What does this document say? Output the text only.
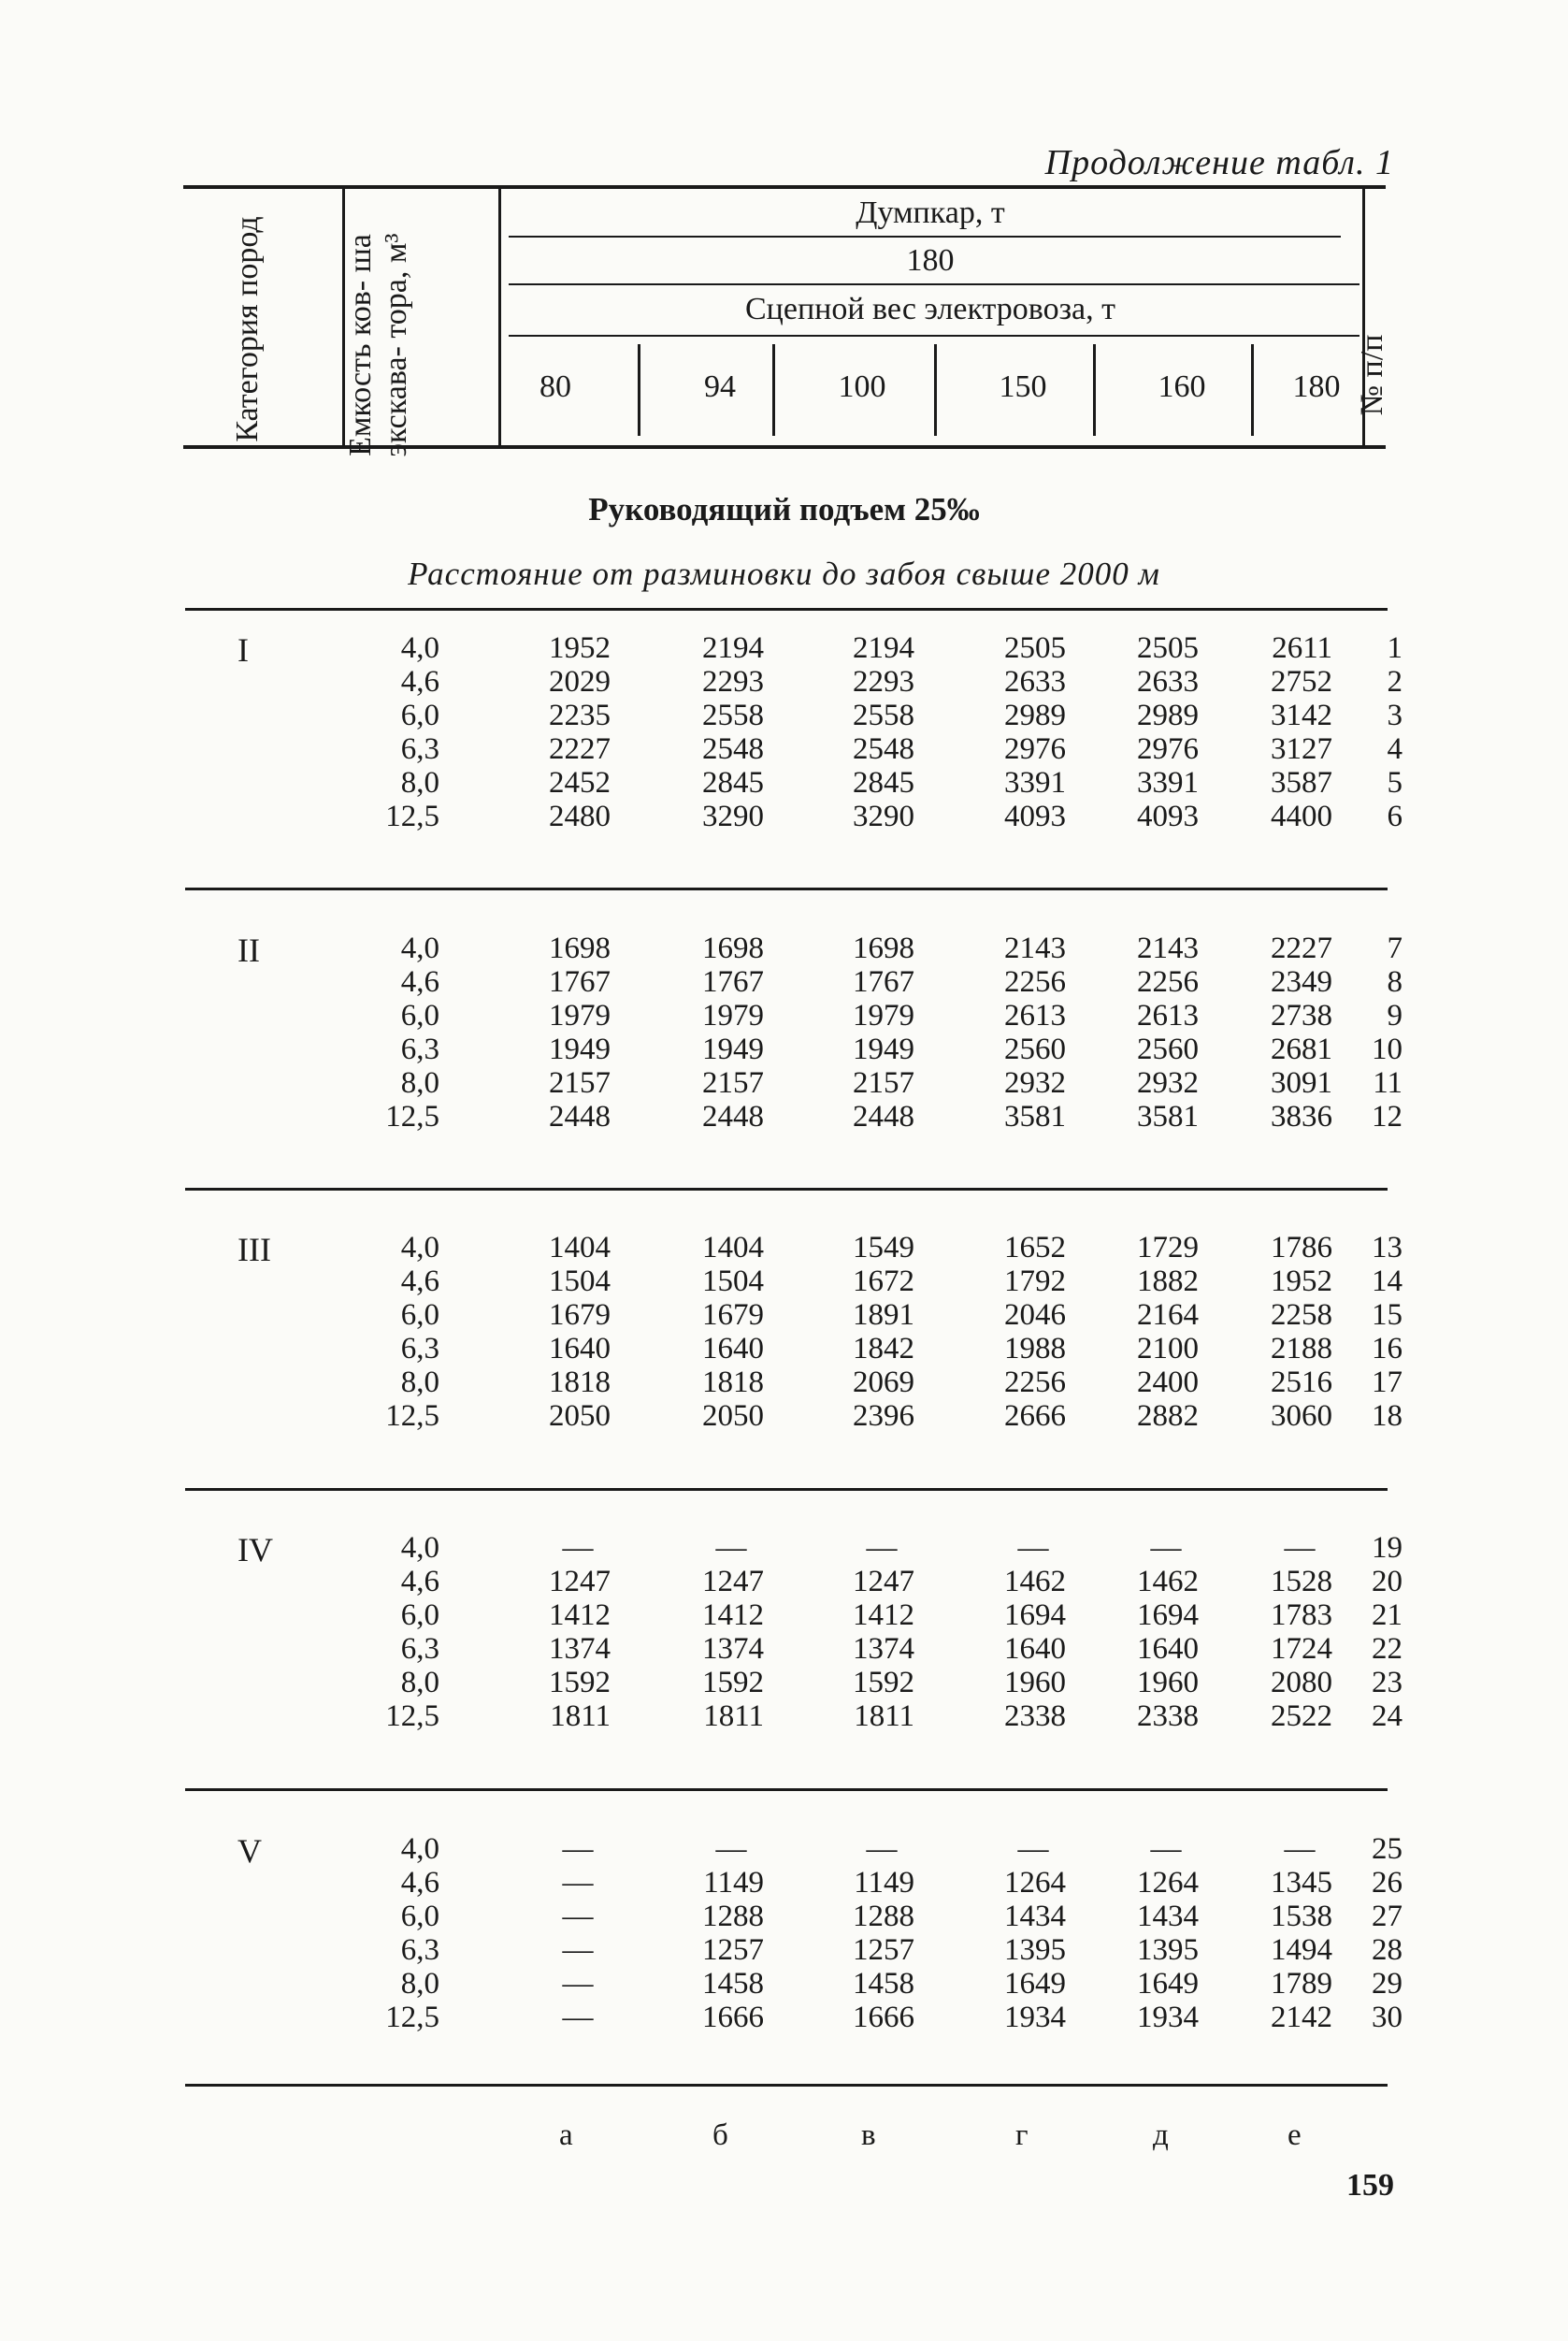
Продолжение табл. 1
Категория пород	Емкость ков- ша экскава- тора, м³
Думпкар, т
180
Сцепной вес электровоза, т
80	94	100	150	160	180 № п/п
Руководящий подъем 25‰
Расстояние от разминовки до забоя свыше 2000 м
I	4,0	1952	2194	2194	2505	2505	2611	1
4,6	2029	2293	2293	2633	2633	2752	2
6,0	2235	2558	2558	2989	2989	3142	3
6,3	2227	2548	2548	2976	2976	3127	4
8,0	2452	2845	2845	3391	3391	3587	5
12,5	2480	3290	3290	4093	4093	4400	6
II	4,0	1698	1698	1698	2143	2143	2227	7
4,6	1767	1767	1767	2256	2256	2349	8
6,0	1979	1979	1979	2613	2613	2738	9
6,3	1949	1949	1949	2560	2560	2681	10
8,0	2157	2157	2157	2932	2932	3091	11
12,5	2448	2448	2448	3581	3581	3836	12
III	4,0	1404	1404	1549	1652	1729	1786	13
4,6	1504	1504	1672	1792	1882	1952	14
6,0	1679	1679	1891	2046	2164	2258	15
6,3	1640	1640	1842	1988	2100	2188	16
8,0	1818	1818	2069	2256	2400	2516	17
12,5	2050	2050	2396	2666	2882	3060	18
IV	4,0	—	—	—	—	—	—	19
4,6	1247	1247	1247	1462	1462	1528	20
6,0	1412	1412	1412	1694	1694	1783	21
6,3	1374	1374	1374	1640	1640	1724	22
8,0	1592	1592	1592	1960	1960	2080	23
12,5	1811	1811	1811	2338	2338	2522	24
V	4,0	—	—	—	—	—	—	25
4,6	—	1149	1149	1264	1264	1345	26
6,0	—	1288	1288	1434	1434	1538	27
6,3	—	1257	1257	1395	1395	1494	28
8,0	—	1458	1458	1649	1649	1789	29
12,5	—	1666	1666	1934	1934	2142	30
а	б	в	г	д	е
159
